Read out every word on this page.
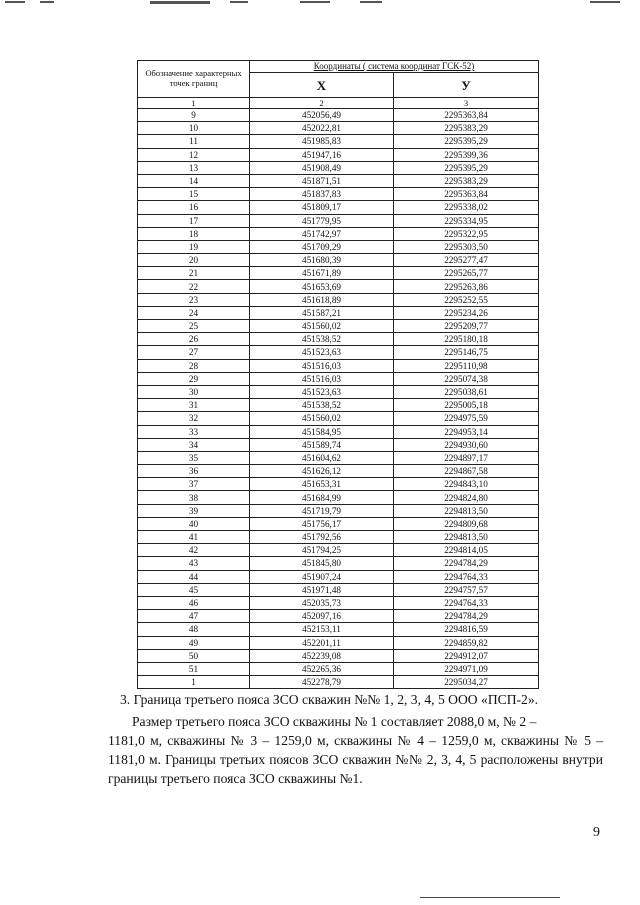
Обозначение характерных точек границ	Координаты ( система координат ГСК-52)	
	X	У
1	2	3
9	452056,49	2295363,84
10	452022,81	2295383,29
11	451985,83	2295395,29
12	451947,16	2295399,36
13	451908,49	2295395,29
14	451871,51	2295383,29
15	451837,83	2295363,84
16	451809,17	2295338,02
17	451779,95	2295334,95
18	451742,97	2295322,95
19	451709,29	2295303,50
20	451680,39	2295277,47
21	451671,89	2295265,77
22	451653,69	2295263,86
23	451618,89	2295252,55
24	451587,21	2295234,26
25	451560,02	2295209,77
26	451538,52	2295180,18
27	451523,63	2295146,75
28	451516,03	2295110,98
29	451516,03	2295074,38
30	451523,63	2295038,61
31	451538,52	2295005,18
32	451560,02	2294975,59
33	451584,95	2294953,14
34	451589,74	2294930,60
35	451604,62	2294897,17
36	451626,12	2294867,58
37	451653,31	2294843,10
38	451684,99	2294824,80
39	451719,79	2294813,50
40	451756,17	2294809,68
41	451792,56	2294813,50
42	451794,25	2294814,05
43	451845,80	2294784,29
44	451907,24	2294764,33
45	451971,48	2294757,57
46	452035,73	2294764,33
47	452097,16	2294784,29
48	452153,11	2294816,59
49	452201,11	2294859,82
50	452239,08	2294912,07
51	452265,36	2294971,09
1	452278,79	2295034,27
3. Граница третьего пояса ЗСО скважин №№ 1, 2, 3, 4, 5 ООО «ПСП-2».
Размер третьего пояса ЗСО скважины № 1 составляет 2088,0 м, № 2 –
1181,0 м, скважины № 3 – 1259,0 м, скважины № 4 – 1259,0 м, скважины № 5 – 1181,0 м. Границы третьих поясов ЗСО скважин №№ 2, 3, 4, 5 расположены внутри границы третьего пояса ЗСО скважины №1.
9
